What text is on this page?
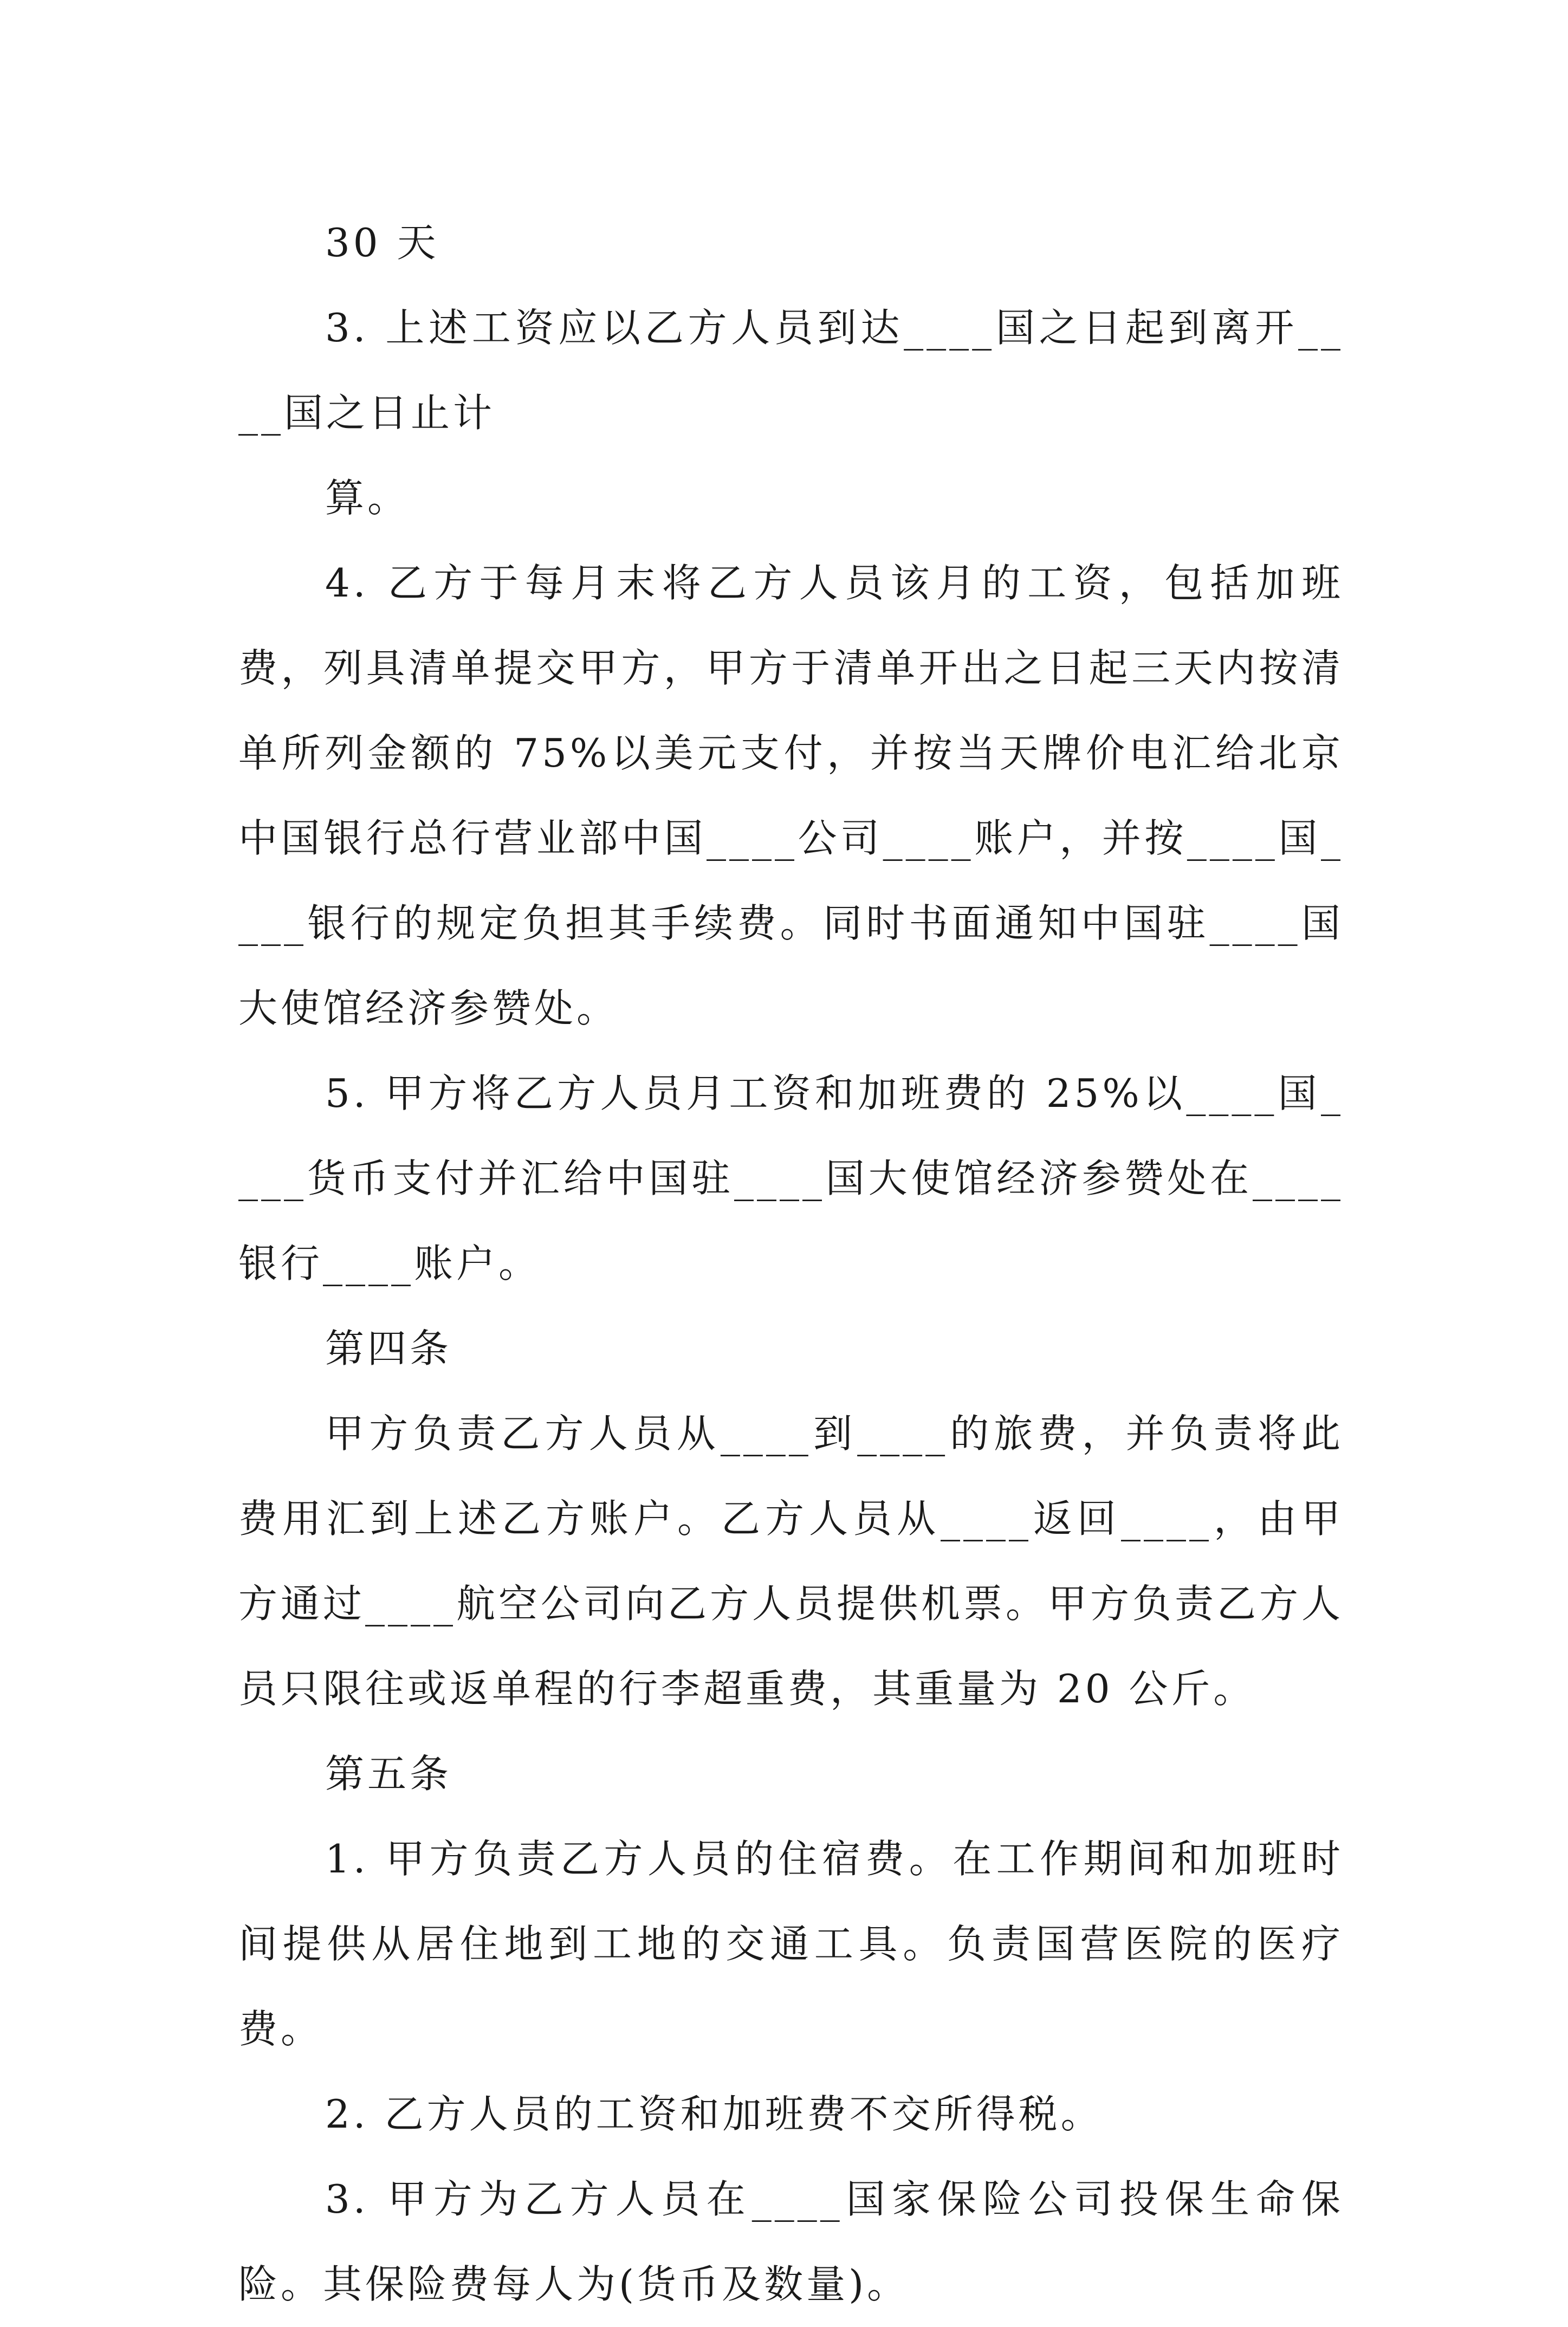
30 天

3. 上述工资应以乙方人员到达____国之日起到离开____国之日止计

算。

4. 乙方于每月末将乙方人员该月的工资，包括加班费，列具清单提交甲方，甲方于清单开出之日起三天内按清单所列金额的 75%以美元支付，并按当天牌价电汇给北京中国银行总行营业部中国____公司____账户，并按____国____银行的规定负担其手续费。同时书面通知中国驻____国大使馆经济参赞处。

5. 甲方将乙方人员月工资和加班费的 25%以____国____货币支付并汇给中国驻____国大使馆经济参赞处在____银行____账户。

第四条

甲方负责乙方人员从____到____的旅费，并负责将此费用汇到上述乙方账户。乙方人员从____返回____，由甲方通过____航空公司向乙方人员提供机票。甲方负责乙方人员只限往或返单程的行李超重费，其重量为 20 公斤。

第五条

1. 甲方负责乙方人员的住宿费。在工作期间和加班时间提供从居住地到工地的交通工具。负责国营医院的医疗费。

2. 乙方人员的工资和加班费不交所得税。

3. 甲方为乙方人员在____国家保险公司投保生命保险。其保险费每人为(货币及数量)。
